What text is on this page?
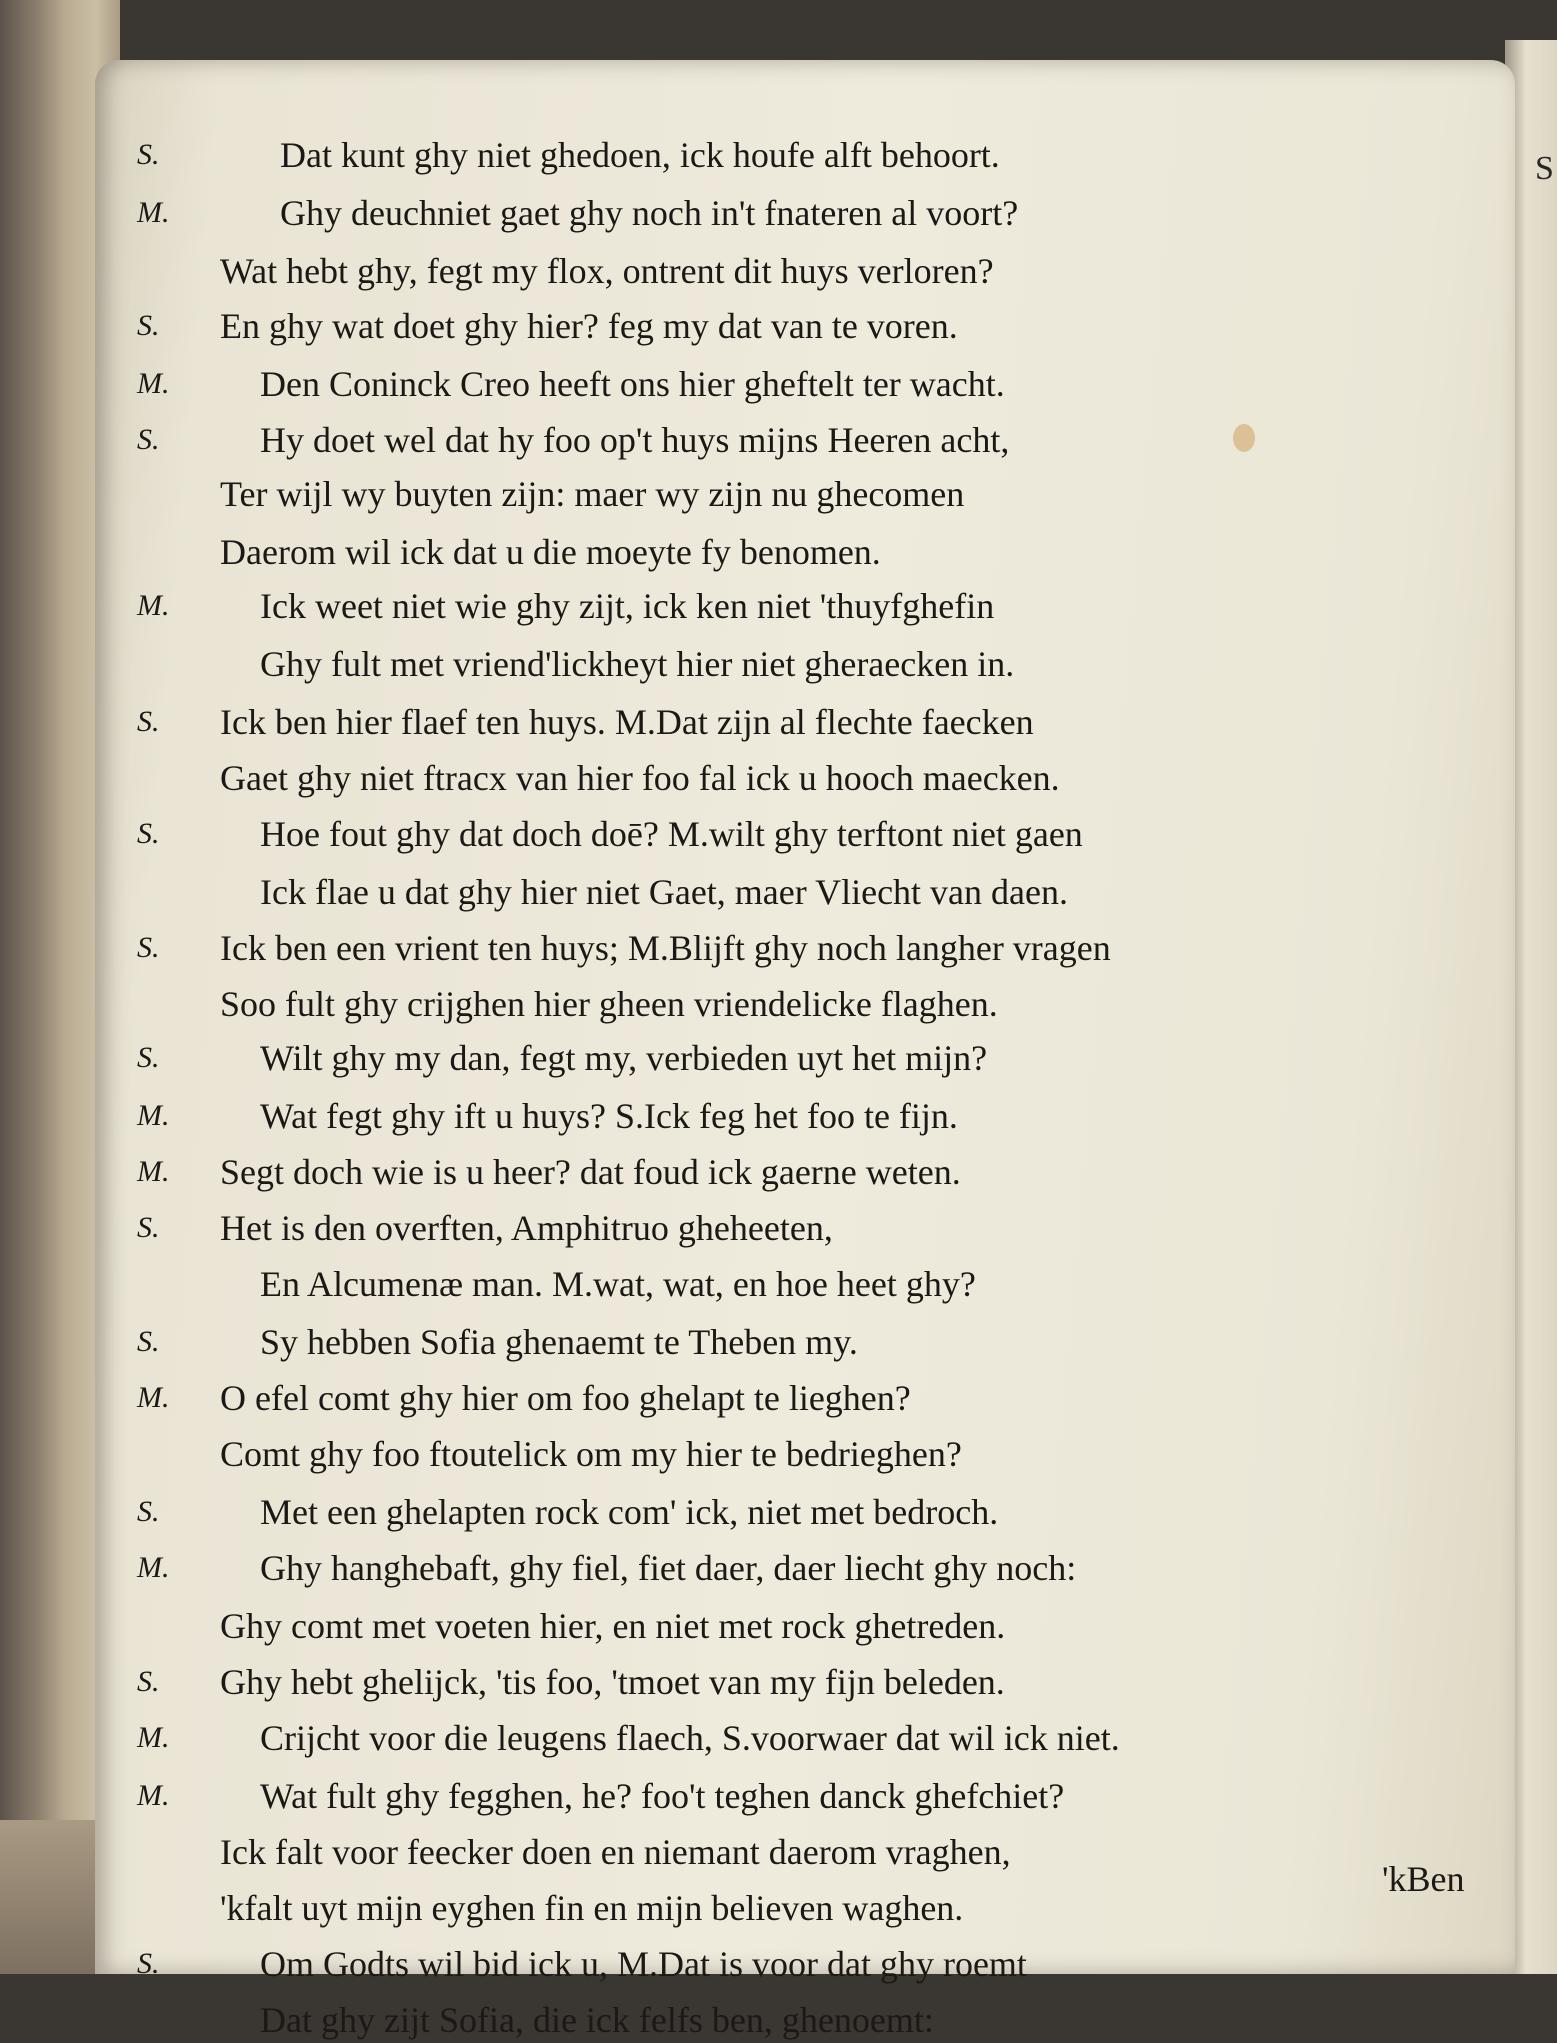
S
S.	Dat kunt ghy niet ghedoen, ick houfe alft behoort.
M.	Ghy deuchniet gaet ghy noch in't fnateren al voort?
Wat hebt ghy, fegt my flox, ontrent dit huys verloren?
S.	En ghy wat doet ghy hier? feg my dat van te voren.
M.	Den Coninck Creo heeft ons hier gheftelt ter wacht.
S.	Hy doet wel dat hy foo op't huys mijns Heeren acht,
Ter wijl wy buyten zijn: maer wy zijn nu ghecomen
Daerom wil ick dat u die moeyte fy benomen.
M.	Ick weet niet wie ghy zijt, ick ken niet 'thuyfghefin
Ghy fult met vriend'lickheyt hier niet gheraecken in.
S.	Ick ben hier flaef ten huys. M.Dat zijn al flechte faecken
Gaet ghy niet ftracx van hier foo fal ick u hooch maecken.
S.	Hoe fout ghy dat doch doē? M.wilt ghy terftont niet gaen
Ick flae u dat ghy hier niet Gaet, maer Vliecht van daen.
S.	Ick ben een vrient ten huys; M.Blijft ghy noch langher vragen
Soo fult ghy crijghen hier gheen vriendelicke flaghen.
S.	Wilt ghy my dan, fegt my, verbieden uyt het mijn?
M.	Wat fegt ghy ift u huys? S.Ick feg het foo te fijn.
M.	Segt doch wie is u heer? dat foud ick gaerne weten.
S.	Het is den overften, Amphitruo gheheeten,
En Alcumenæ man. M.wat, wat, en hoe heet ghy?
S.	Sy hebben Sofia ghenaemt te Theben my.
M.	O efel comt ghy hier om foo ghelapt te lieghen?
Comt ghy foo ftoutelick om my hier te bedrieghen?
S.	Met een ghelapten rock com' ick, niet met bedroch.
M.	Ghy hanghebaft, ghy fiel, fiet daer, daer liecht ghy noch:
Ghy comt met voeten hier, en niet met rock ghetreden.
S.	Ghy hebt ghelijck, 'tis foo, 'tmoet van my fijn beleden.
M.	Crijcht voor die leugens flaech, S.voorwaer dat wil ick niet.
M.	Wat fult ghy fegghen, he? foo't teghen danck ghefchiet?
Ick falt voor feecker doen en niemant daerom vraghen,
'kfalt uyt mijn eyghen fin en mijn believen waghen.
S.	Om Godts wil bid ick u, M.Dat is voor dat ghy roemt
Dat ghy zijt Sofia, die ick felfs ben, ghenoemt:
'kBen
